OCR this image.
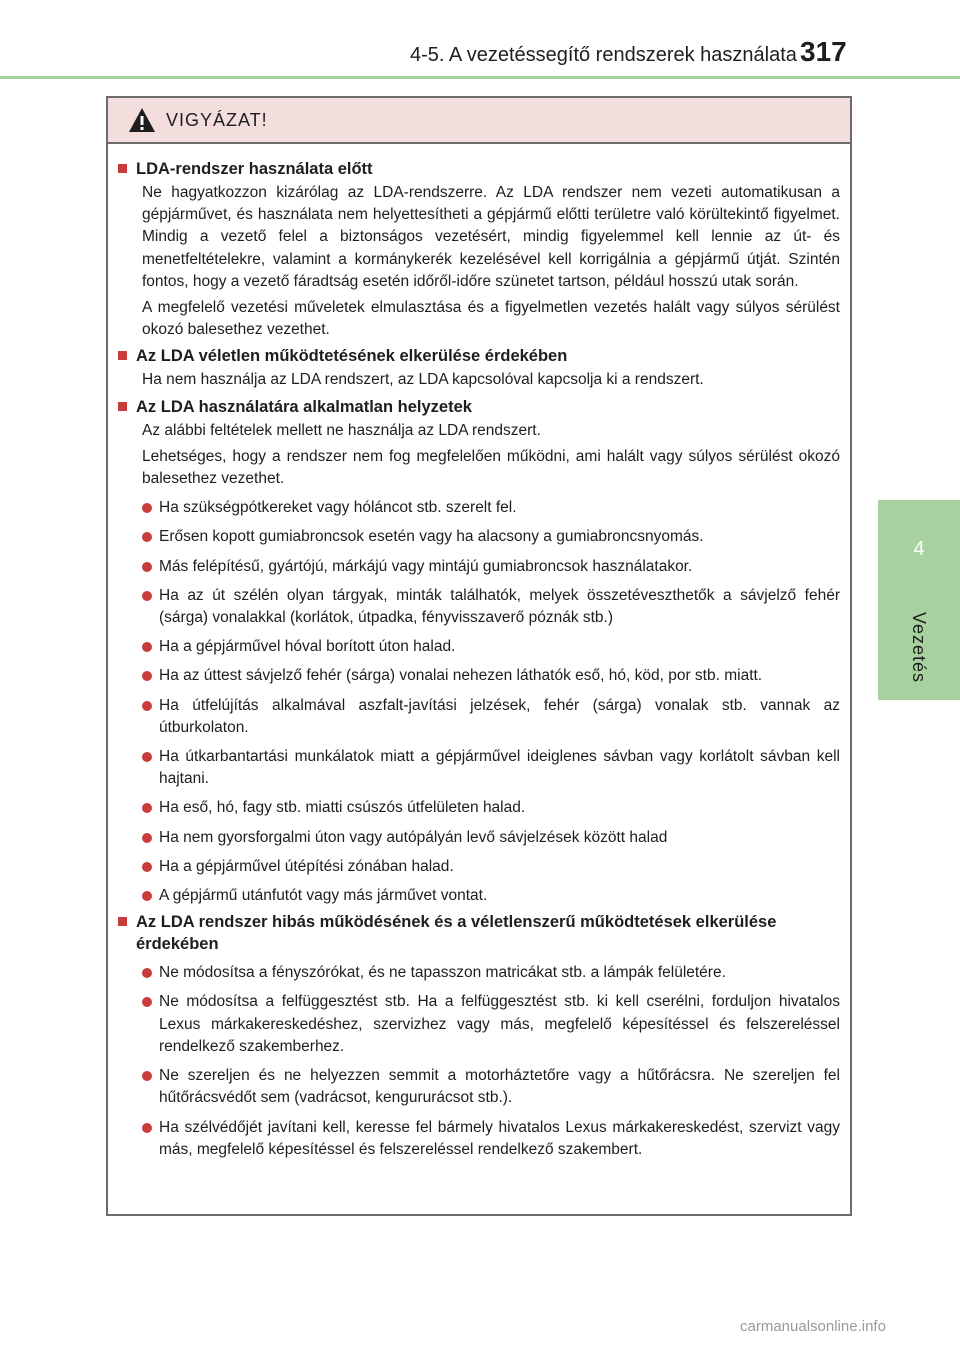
4-5. A vezetéssegítő rendszerek használata 317
4
Vezetés
VIGYÁZAT!
LDA-rendszer használata előtt
Ne hagyatkozzon kizárólag az LDA-rendszerre. Az LDA rendszer nem vezeti automatikusan a gépjárművet, és használata nem helyettesítheti a gépjármű előtti területre való körültekintő figyelmet. Mindig a vezető felel a biztonságos vezetésért, mindig figyelemmel kell lennie az út- és menetfeltételekre, valamint a kormánykerék kezelésével kell korrigálnia a gépjármű útját. Szintén fontos, hogy a vezető fáradtság esetén időről-időre szünetet tartson, például hosszú utak során.
A megfelelő vezetési műveletek elmulasztása és a figyelmetlen vezetés halált vagy súlyos sérülést okozó balesethez vezethet.
Az LDA véletlen működtetésének elkerülése érdekében
Ha nem használja az LDA rendszert, az LDA kapcsolóval kapcsolja ki a rendszert.
Az LDA használatára alkalmatlan helyzetek
Az alábbi feltételek mellett ne használja az LDA rendszert.
Lehetséges, hogy a rendszer nem fog megfelelően működni, ami halált vagy súlyos sérülést okozó balesethez vezethet.
Ha szükségpótkereket vagy hóláncot stb. szerelt fel.
Erősen kopott gumiabroncsok esetén vagy ha alacsony a gumiabroncsnyomás.
Más felépítésű, gyártójú, márkájú vagy mintájú gumiabroncsok használatakor.
Ha az út szélén olyan tárgyak, minták találhatók, melyek összetéveszthetők a sávjelző fehér (sárga) vonalakkal (korlátok, útpadka, fényvisszaverő póznák stb.)
Ha a gépjárművel hóval borított úton halad.
Ha az úttest sávjelző fehér (sárga) vonalai nehezen láthatók eső, hó, köd, por stb. miatt.
Ha útfelújítás alkalmával aszfalt-javítási jelzések, fehér (sárga) vonalak stb. vannak az útburkolaton.
Ha útkarbantartási munkálatok miatt a gépjárművel ideiglenes sávban vagy korlátolt sávban kell hajtani.
Ha eső, hó, fagy stb. miatti csúszós útfelületen halad.
Ha nem gyorsforgalmi úton vagy autópályán levő sávjelzések között halad
Ha a gépjárművel útépítési zónában halad.
A gépjármű utánfutót vagy más járművet vontat.
Az LDA rendszer hibás működésének és a véletlenszerű működtetések elkerülése érdekében
Ne módosítsa a fényszórókat, és ne tapasszon matricákat stb. a lámpák felületére.
Ne módosítsa a felfüggesztést stb. Ha a felfüggesztést stb. ki kell cserélni, forduljon hivatalos Lexus márkakereskedéshez, szervizhez vagy más, megfelelő képesítéssel és felszereléssel rendelkező szakemberhez.
Ne szereljen és ne helyezzen semmit a motorháztetőre vagy a hűtőrácsra. Ne szereljen fel hűtőrácsvédőt sem (vadrácsot, kengururácsot stb.).
Ha szélvédőjét javítani kell, keresse fel bármely hivatalos Lexus márkakereskedést, szervizt vagy más, megfelelő képesítéssel és felszereléssel rendelkező szakembert.
carmanualsonline.info
